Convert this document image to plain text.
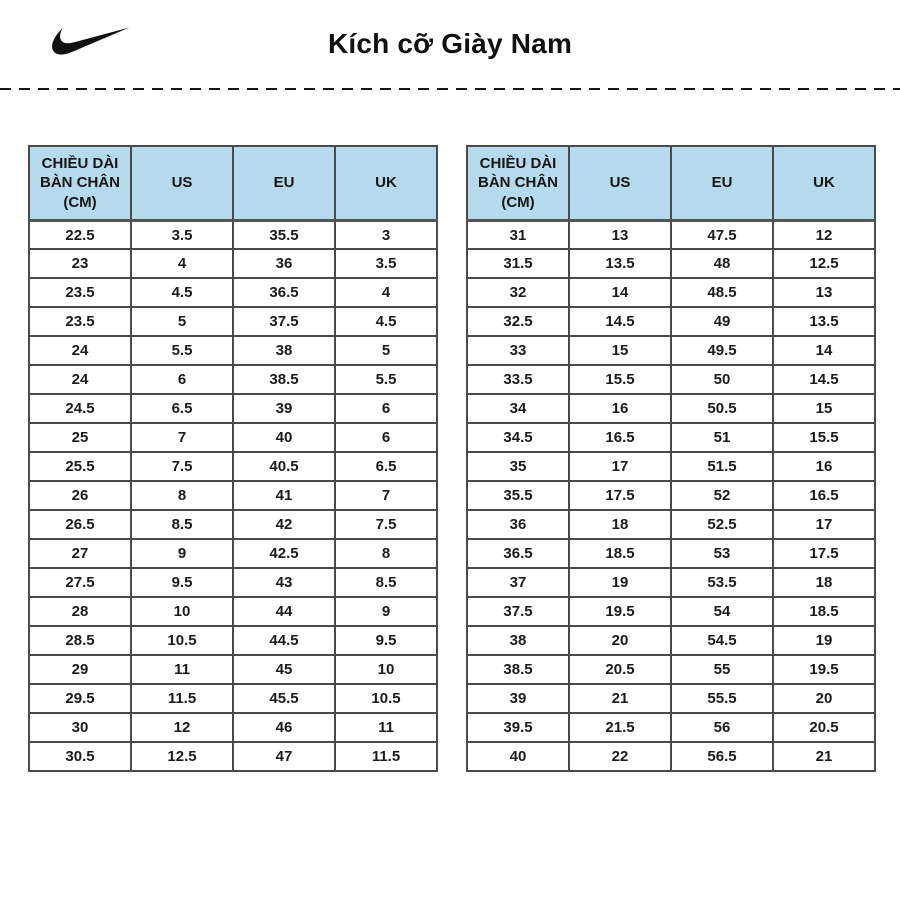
Kích cỡ Giày Nam
CHIỀU DÀI BÀN CHÂN (CM)	US	EU	UK
22.5	3.5	35.5	3
23	4	36	3.5
23.5	4.5	36.5	4
23.5	5	37.5	4.5
24	5.5	38	5
24	6	38.5	5.5
24.5	6.5	39	6
25	7	40	6
25.5	7.5	40.5	6.5
26	8	41	7
26.5	8.5	42	7.5
27	9	42.5	8
27.5	9.5	43	8.5
28	10	44	9
28.5	10.5	44.5	9.5
29	11	45	10
29.5	11.5	45.5	10.5
30	12	46	11
30.5	12.5	47	11.5
CHIỀU DÀI BÀN CHÂN (CM)	US	EU	UK
31	13	47.5	12
31.5	13.5	48	12.5
32	14	48.5	13
32.5	14.5	49	13.5
33	15	49.5	14
33.5	15.5	50	14.5
34	16	50.5	15
34.5	16.5	51	15.5
35	17	51.5	16
35.5	17.5	52	16.5
36	18	52.5	17
36.5	18.5	53	17.5
37	19	53.5	18
37.5	19.5	54	18.5
38	20	54.5	19
38.5	20.5	55	19.5
39	21	55.5	20
39.5	21.5	56	20.5
40	22	56.5	21
